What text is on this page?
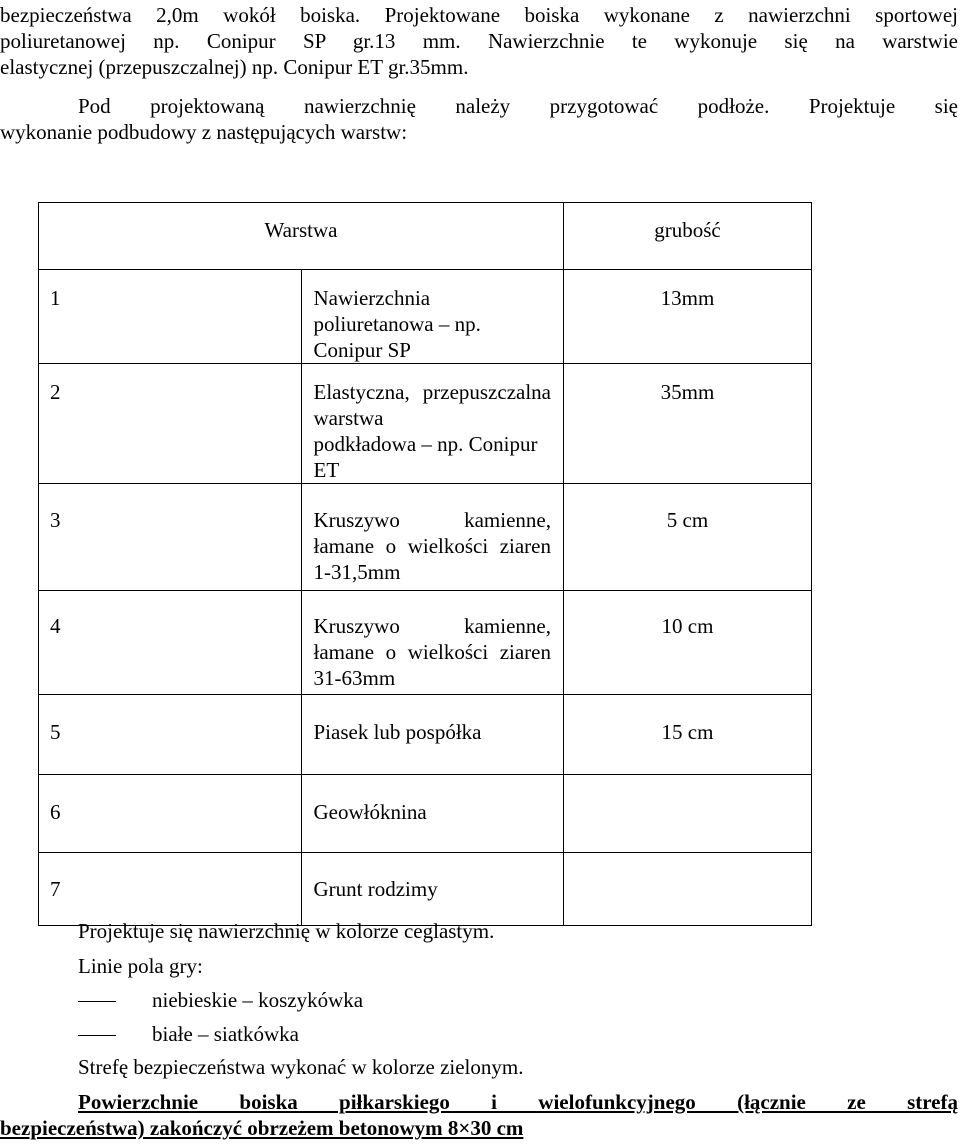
bezpieczeństwa 2,0m wokół boiska. Projektowane boiska wykonane z nawierzchni sportowej
poliuretanowej np. Conipur SP gr.13 mm. Nawierzchnie te wykonuje się na warstwie
elastycznej (przepuszczalnej) np. Conipur ET gr.35mm.
Pod projektowaną nawierzchnię należy przygotować podłoże. Projektuje się
wykonanie podbudowy z następujących warstw:
Warstwa		grubość

1	Nawierzchnia poliuretanowa – np. Conipur SP	13mm

2	Elastyczna, przepuszczalna warstwa
podkładowa – np. Conipur ET	35mm

3	Kruszywo kamienne, łamane o wielkości ziaren
1-31,5mm	5 cm

4	Kruszywo kamienne, łamane o wielkości ziaren
31-63mm	10 cm

5	Piasek lub pospółka	15 cm

6	Geowłóknina	

7	Grunt rodzimy	

Projektuje się nawierzchnię w kolorze ceglastym.
Linie pola gry:
niebieskie – koszykówka
białe – siatkówka
Strefę bezpieczeństwa wykonać w kolorze zielonym.
Powierzchnie boiska piłkarskiego i wielofunkcyjnego (łącznie ze strefą
bezpieczeństwa) zakończyć obrzeżem betonowym 8×30 cm
